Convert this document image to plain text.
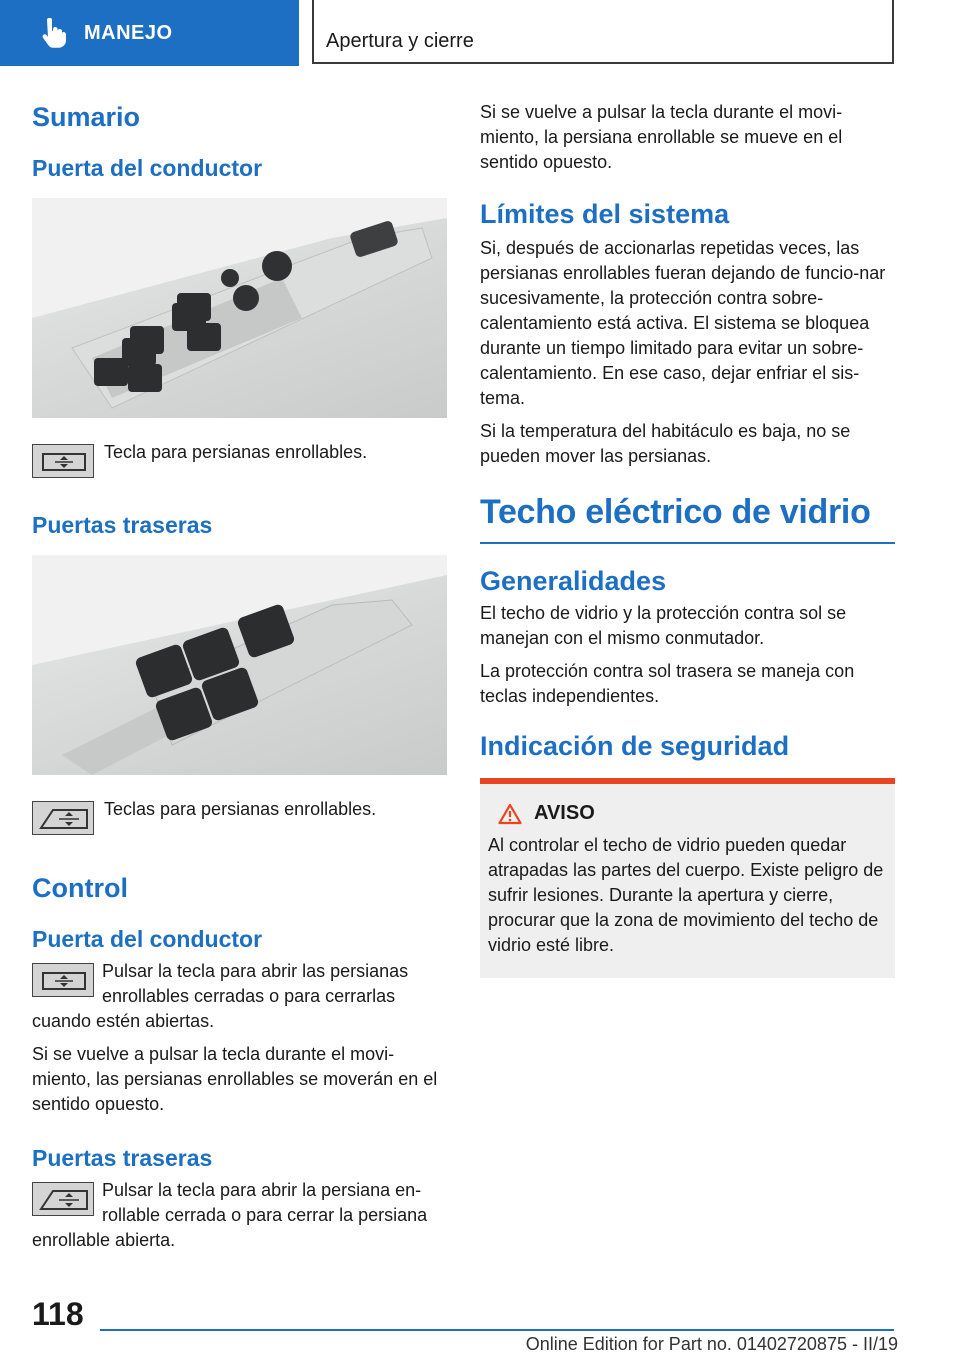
MANEJO	Apertura y cierre
Sumario
Puerta del conductor

Tecla para persianas enrollables.

Puertas traseras

Teclas para persianas enrollables.

Control
Puerta del conductor

Pulsar la tecla para abrir las persianas enrollables cerradas o para cerrarlas cuando estén abiertas.

Si se vuelve a pulsar la tecla durante el movi‐miento, las persianas enrollables se moverán en el sentido opuesto.

Puertas traseras

Pulsar la tecla para abrir la persiana en‐rollable cerrada o para cerrar la persiana enrollable abierta.

Si se vuelve a pulsar la tecla durante el movi‐miento, la persiana enrollable se mueve en el sentido opuesto.

Límites del sistema

Si, después de accionarlas repetidas veces, las persianas enrollables fueran dejando de funcio‐nar sucesivamente, la protección contra sobre‐calentamiento está activa. El sistema se bloquea durante un tiempo limitado para evitar un sobre‐calentamiento. En ese caso, dejar enfriar el sis‐tema.

Si la temperatura del habitáculo es baja, no se pueden mover las persianas.

Techo eléctrico de vidrio
Generalidades

El techo de vidrio y la protección contra sol se manejan con el mismo conmutador.

La protección contra sol trasera se maneja con teclas independientes.

Indicación de seguridad
AVISO

Al controlar el techo de vidrio pueden quedar atrapadas las partes del cuerpo. Existe peligro de sufrir lesiones. Durante la apertura y cierre, procurar que la zona de movimiento del techo de vidrio esté libre.

118
Online Edition for Part no. 01402720875 - II/19
